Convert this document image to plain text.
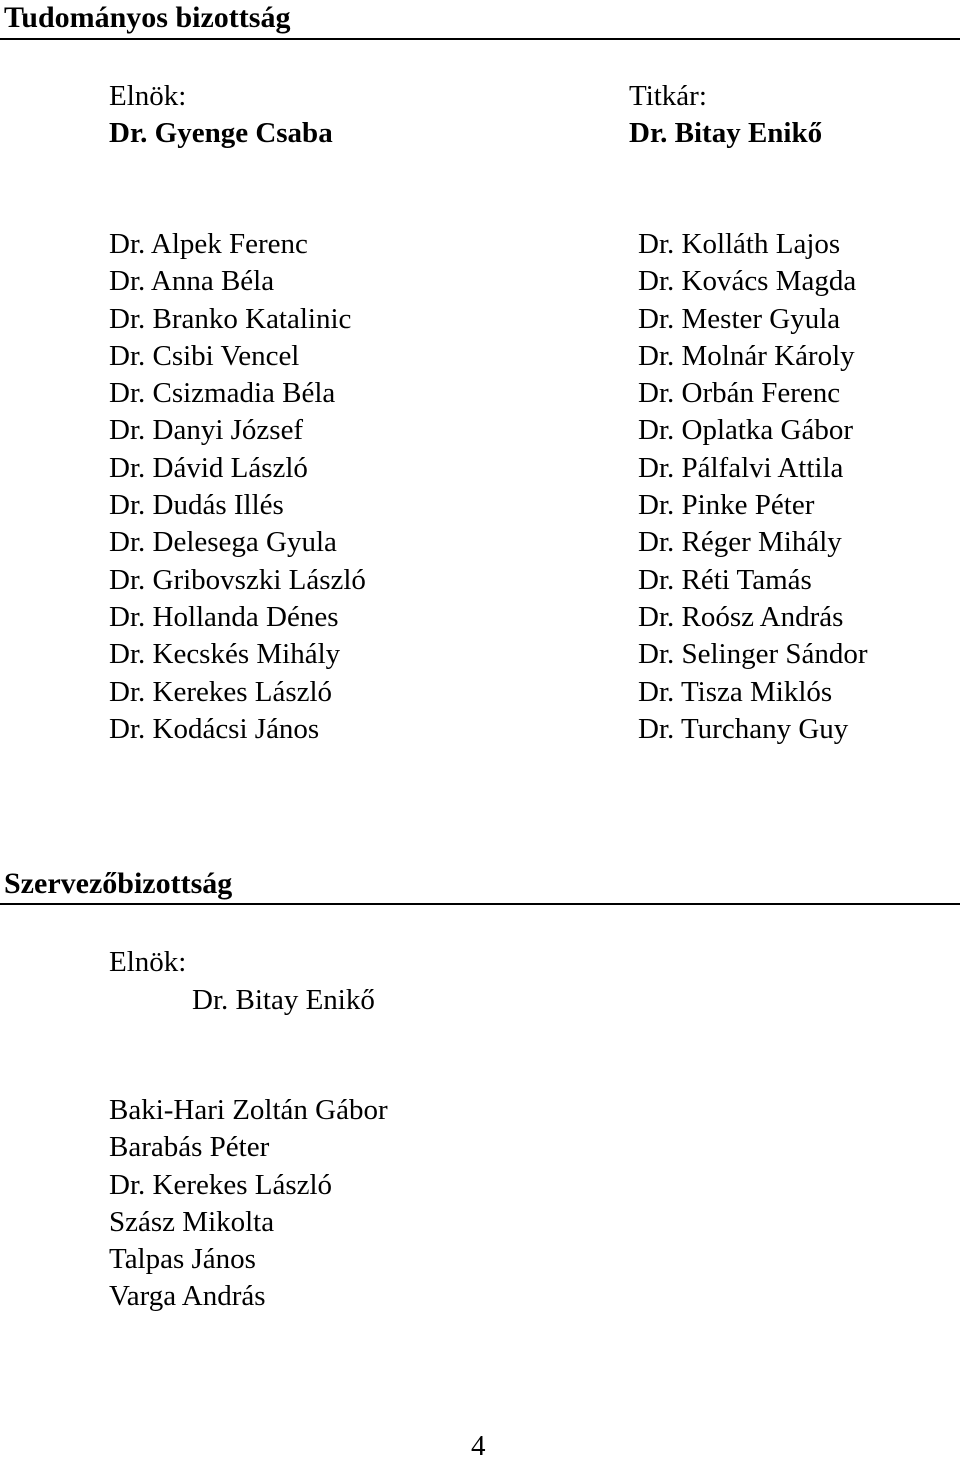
Tudományos bizottság
Elnök:
Dr. Gyenge Csaba
Titkár:
Dr. Bitay Enikő
Dr. Alpek Ferenc
Dr. Anna Béla
Dr. Branko Katalinic
Dr. Csibi Vencel
Dr. Csizmadia Béla
Dr. Danyi József
Dr. Dávid László
Dr. Dudás Illés
Dr. Delesega Gyula
Dr. Gribovszki László
Dr. Hollanda Dénes
Dr. Kecskés Mihály
Dr. Kerekes László
Dr. Kodácsi János
Dr. Kolláth Lajos
Dr. Kovács Magda
Dr. Mester Gyula
Dr. Molnár Károly
Dr. Orbán Ferenc
Dr. Oplatka Gábor
Dr. Pálfalvi Attila
Dr. Pinke Péter
Dr. Réger Mihály
Dr. Réti Tamás
Dr. Roósz András
Dr. Selinger Sándor
Dr. Tisza Miklós
Dr. Turchany Guy
Szervezőbizottság
Elnök:
Dr. Bitay Enikő
Baki-Hari Zoltán Gábor
Barabás Péter
Dr. Kerekes László
Szász Mikolta
Talpas János
Varga András
4
